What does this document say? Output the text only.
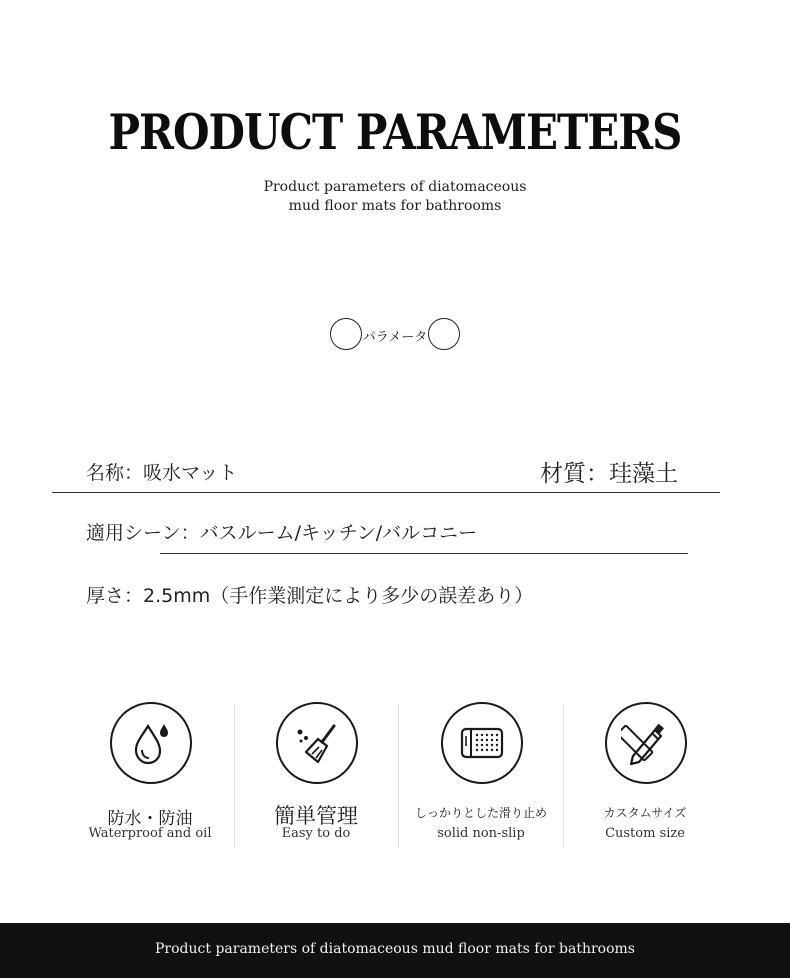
PRODUCT PARAMETERS
Product parameters of diatomaceous
mud floor mats for bathrooms
パラメータ
名称：吸水マット	材質：珪藻土
適用シーン：バスルーム/キッチン/バルコニー
厚さ：2.5mm（手作業測定により多少の誤差あり）
防水・防油
Waterproof and oil
簡単管理
Easy to do
しっかりとした滑り止め
solid non-slip
カスタムサイズ
Custom size
Product parameters of diatomaceous mud floor mats for bathrooms
